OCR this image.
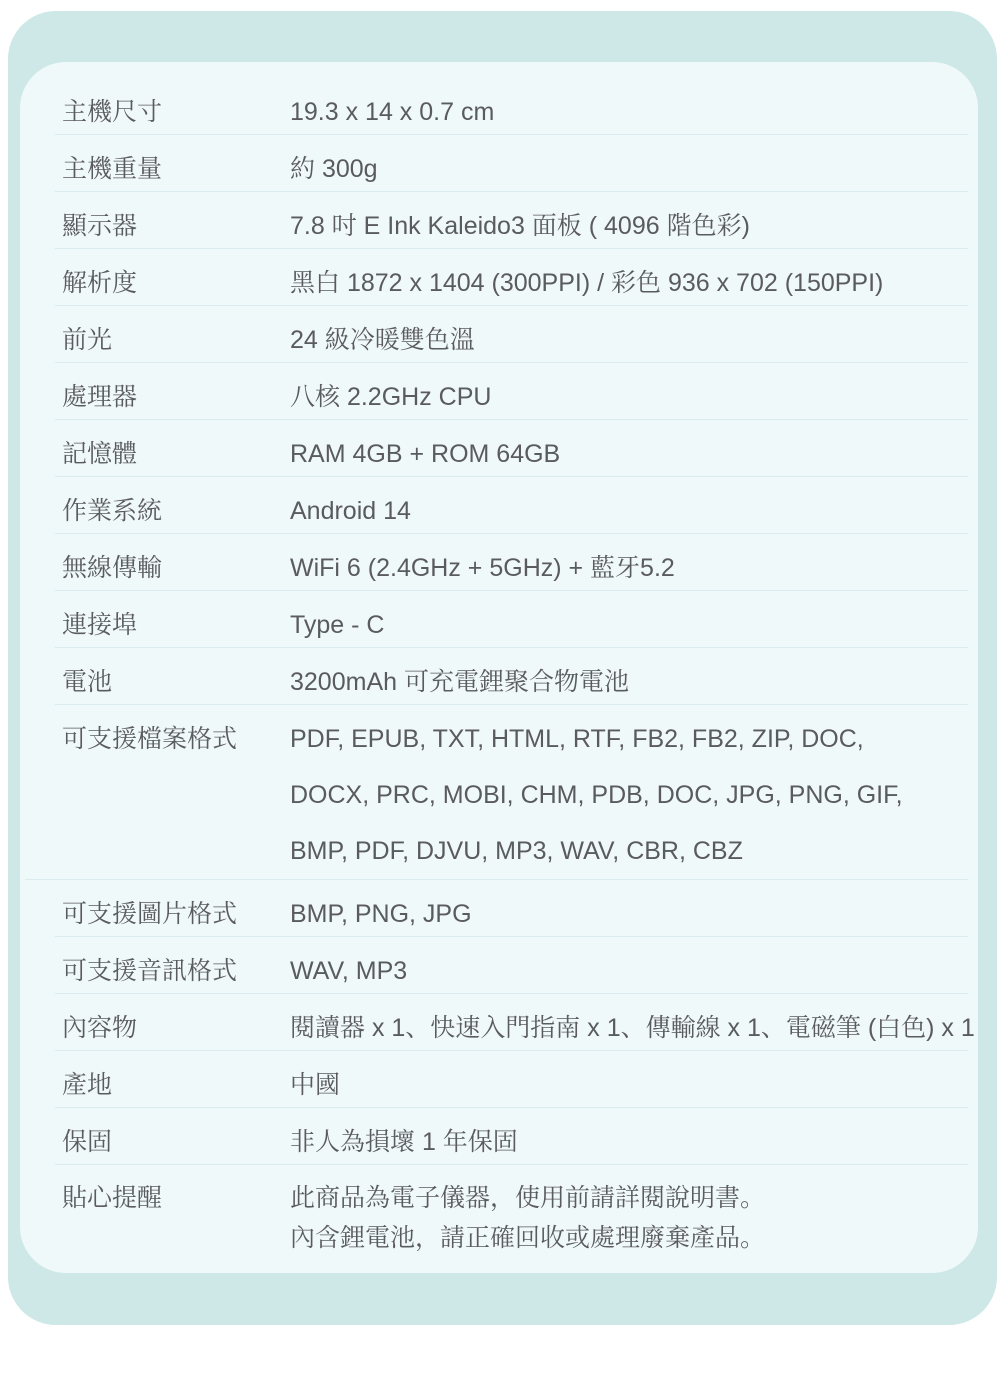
主機尺寸	19.3 x 14 x 0.7 cm
主機重量	約 300g
顯示器	7.8 吋 E Ink Kaleido3 面板 ( 4096 階色彩)
解析度	黑白 1872 x 1404 (300PPI) / 彩色 936 x 702 (150PPI)
前光	24 級冷暖雙色溫
處理器	八核 2.2GHz CPU
記憶體	RAM 4GB + ROM 64GB
作業系統	Android 14
無線傳輸	WiFi 6 (2.4GHz + 5GHz) + 藍牙5.2
連接埠	Type - C
電池	3200mAh 可充電鋰聚合物電池
可支援檔案格式	PDF, EPUB, TXT, HTML, RTF, FB2, FB2, ZIP, DOC,
DOCX, PRC, MOBI, CHM, PDB, DOC, JPG, PNG, GIF,
BMP, PDF, DJVU, MP3, WAV, CBR, CBZ
可支援圖片格式	BMP, PNG, JPG
可支援音訊格式	WAV, MP3
內容物	閱讀器 x 1、快速入門指南 x 1、傳輸線 x 1、電磁筆 (白色) x 1
產地	中國
保固	非人為損壞 1 年保固
貼心提醒	此商品為電子儀器，使用前請詳閱說明書。
內含鋰電池，請正確回收或處理廢棄產品。
